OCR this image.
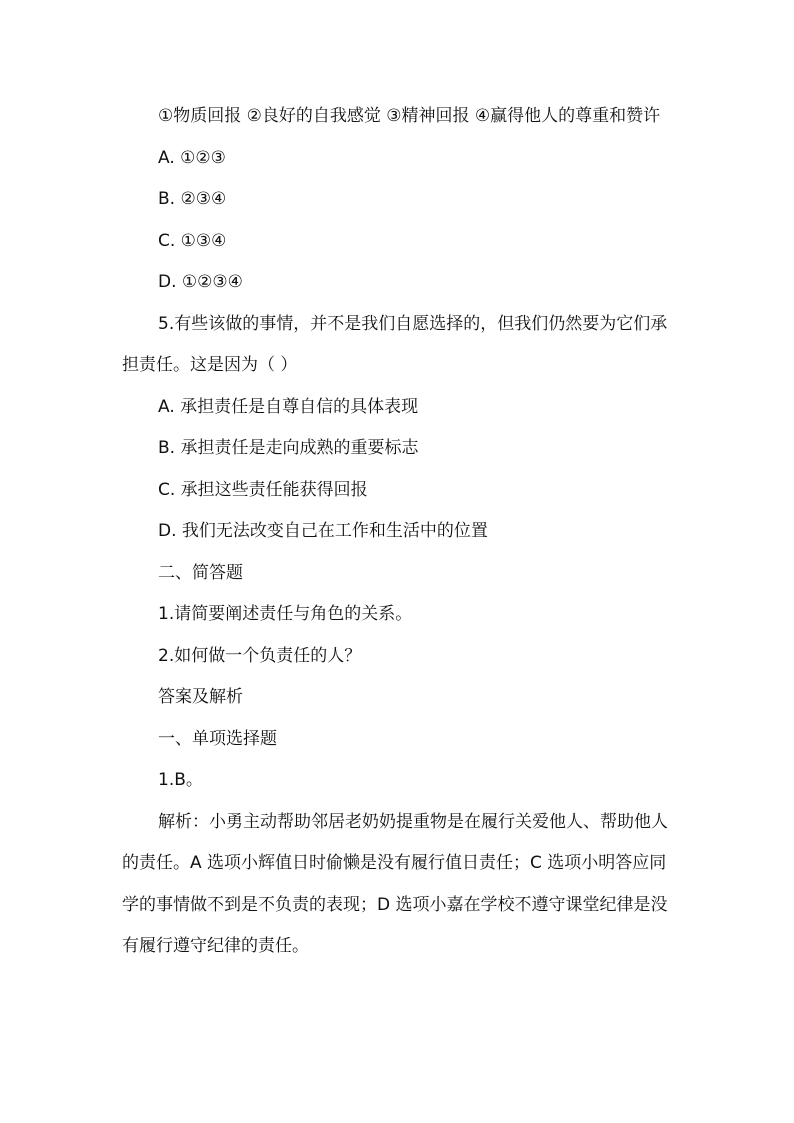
①物质回报 ②良好的自我感觉 ③精神回报 ④赢得他人的尊重和赞许

A. ①②③

B. ②③④

C. ①③④

D. ①②③④

5.有些该做的事情，并不是我们自愿选择的，但我们仍然要为它们承担责任。这是因为（ ）

A. 承担责任是自尊自信的具体表现

B. 承担责任是走向成熟的重要标志

C. 承担这些责任能获得回报

D. 我们无法改变自己在工作和生活中的位置

二、简答题

1.请简要阐述责任与角色的关系。

2.如何做一个负责任的人？

答案及解析

一、单项选择题

1.B。

解析：小勇主动帮助邻居老奶奶提重物是在履行关爱他人、帮助他人的责任。A 选项小辉值日时偷懒是没有履行值日责任；C 选项小明答应同学的事情做不到是不负责的表现；D 选项小嘉在学校不遵守课堂纪律是没有履行遵守纪律的责任。
